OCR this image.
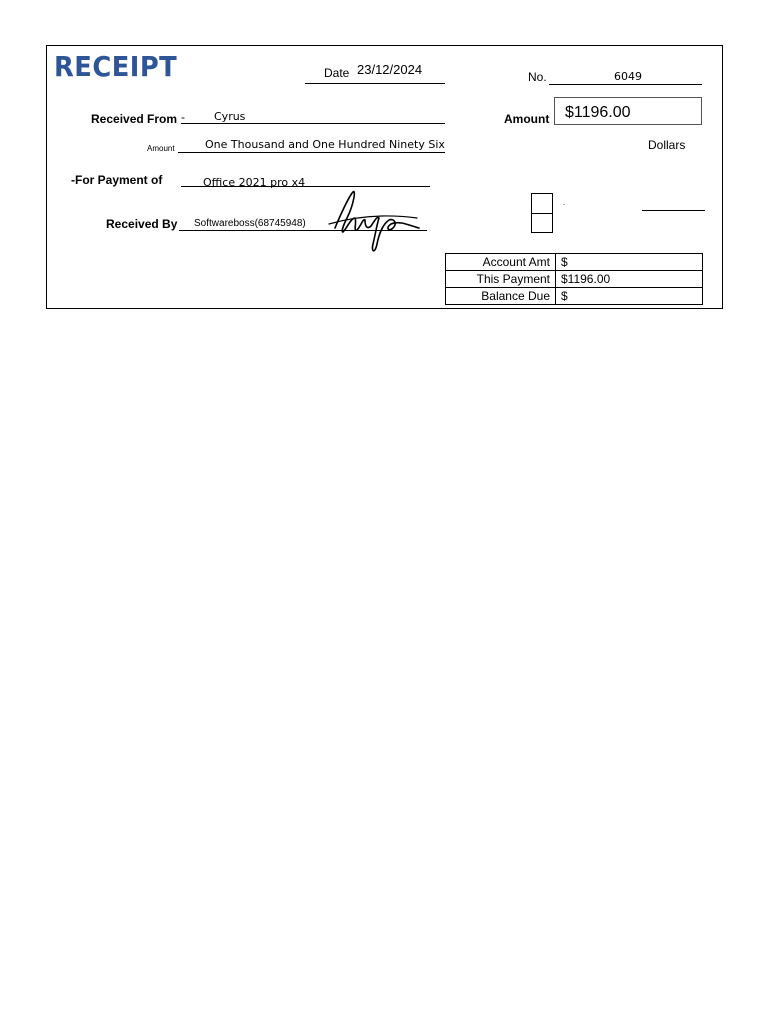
RECEIPT	Date 23/12/2024	No.	6049
Received From -	Cyrus	Amount $1196.00
Amount	One Thousand and One Hundred Ninety Six	Dollars
-For Payment of	Office 2021 pro x4
Received By Softwareboss(68745948)
.
Account Amt	$
This Payment	$1196.00
Balance Due	$
